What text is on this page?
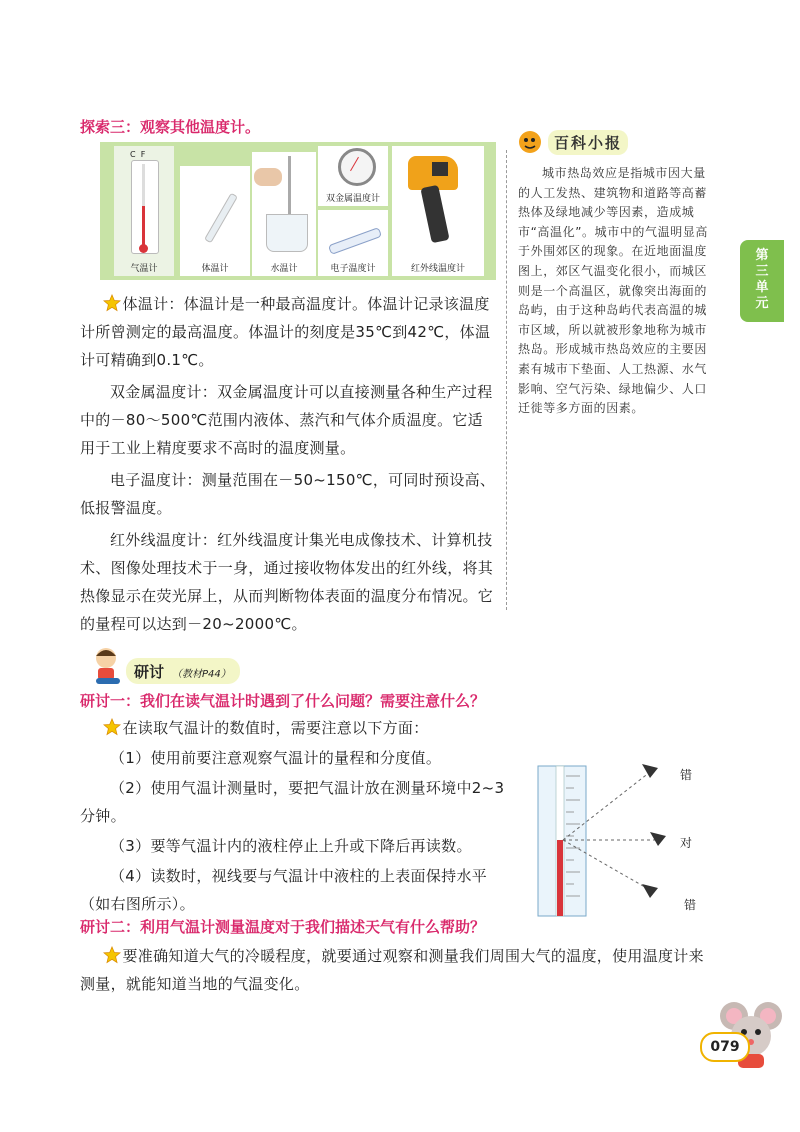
探索三：观察其他温度计。
C F
气温计	体温计	水温计
双金属温度计
电子温度计	红外线温度计
体温计：体温计是一种最高温度计。体温计记录该温度计所曾测定的最高温度。体温计的刻度是35℃到42℃，体温计可精确到0.1℃。
双金属温度计：双金属温度计可以直接测量各种生产过程中的－80～500℃范围内液体、蒸汽和气体介质温度。它适用于工业上精度要求不高时的温度测量。
电子温度计：测量范围在－50~150℃，可同时预设高、低报警温度。
红外线温度计：红外线温度计集光电成像技术、计算机技术、图像处理技术于一身，通过接收物体发出的红外线，将其热像显示在荧光屏上，从而判断物体表面的温度分布情况。它的量程可以达到－20~2000℃。
百科小报
城市热岛效应是指城市因大量的人工发热、建筑物和道路等高蓄热体及绿地减少等因素，造成城市“高温化”。城市中的气温明显高于外围郊区的现象。在近地面温度图上，郊区气温变化很小，而城区则是一个高温区，就像突出海面的岛屿，由于这种岛屿代表高温的城市区域，所以就被形象地称为城市热岛。形成城市热岛效应的主要因素有城市下垫面、人工热源、水气影响、空气污染、绿地偏少、人口迁徙等多方面的因素。
第三单元
研讨 （教材P44）
研讨一：我们在读气温计时遇到了什么问题？需要注意什么？
在读取气温计的数值时，需要注意以下方面：
（1）使用前要注意观察气温计的量程和分度值。
（2）使用气温计测量时，要把气温计放在测量环境中2~3分钟。
（3）要等气温计内的液柱停止上升或下降后再读数。
（4）读数时，视线要与气温计中液柱的上表面保持水平（如右图所示）。
错
对
错
研讨二：利用气温计测量温度对于我们描述天气有什么帮助？
要准确知道大气的冷暖程度，就要通过观察和测量我们周围大气的温度，使用温度计来测量，就能知道当地的气温变化。
079
